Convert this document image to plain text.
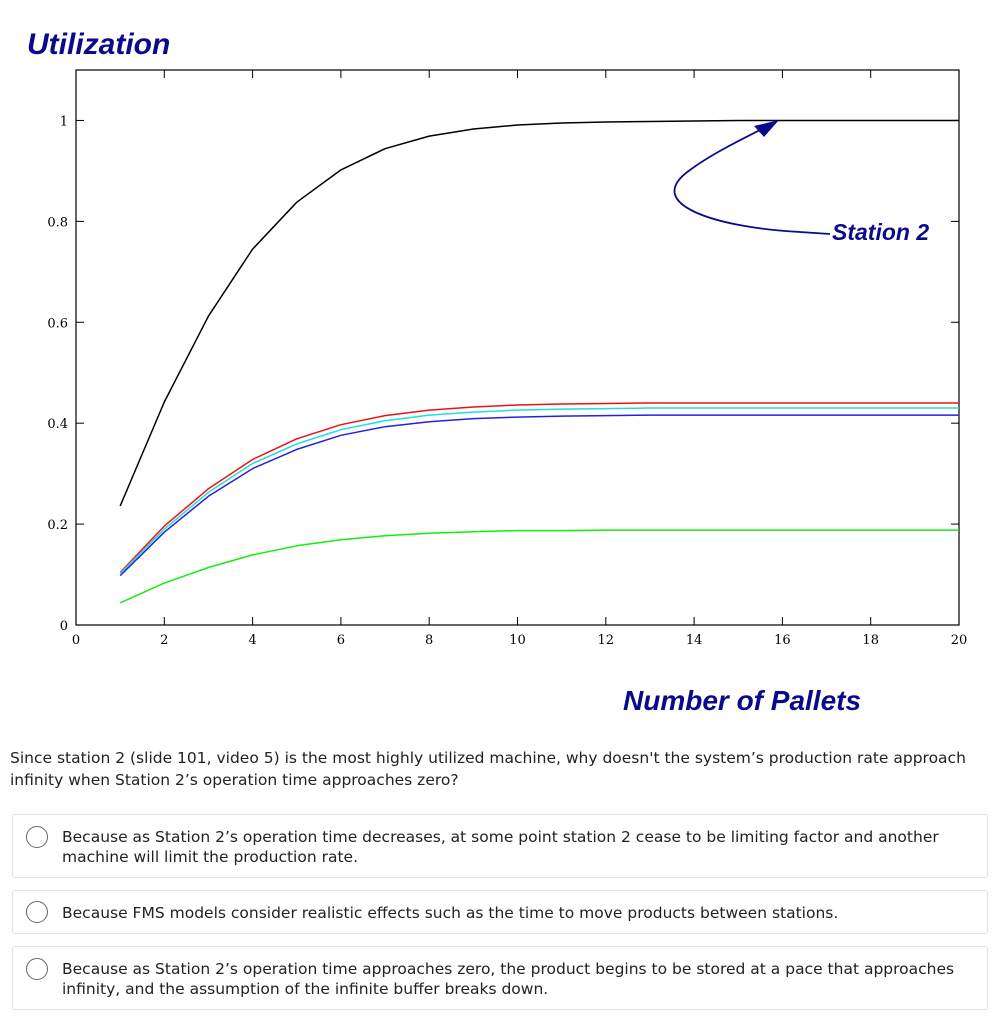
Utilization
0	2	4	6	8	10	12	14	16	18	20
0
0.2
0.4
0.6
0.8
1
Station 2
Number of Pallets

Since station 2 (slide 101, video 5) is the most highly utilized machine, why doesn't the system’s production rate approach infinity when Station 2’s operation time approaches zero?

Because as Station 2’s operation time decreases, at some point station 2 cease to be limiting factor and another machine will limit the production rate.
Because FMS models consider realistic effects such as the time to move products between stations.
Because as Station 2’s operation time approaches zero, the product begins to be stored at a pace that approaches infinity, and the assumption of the infinite buffer breaks down.
